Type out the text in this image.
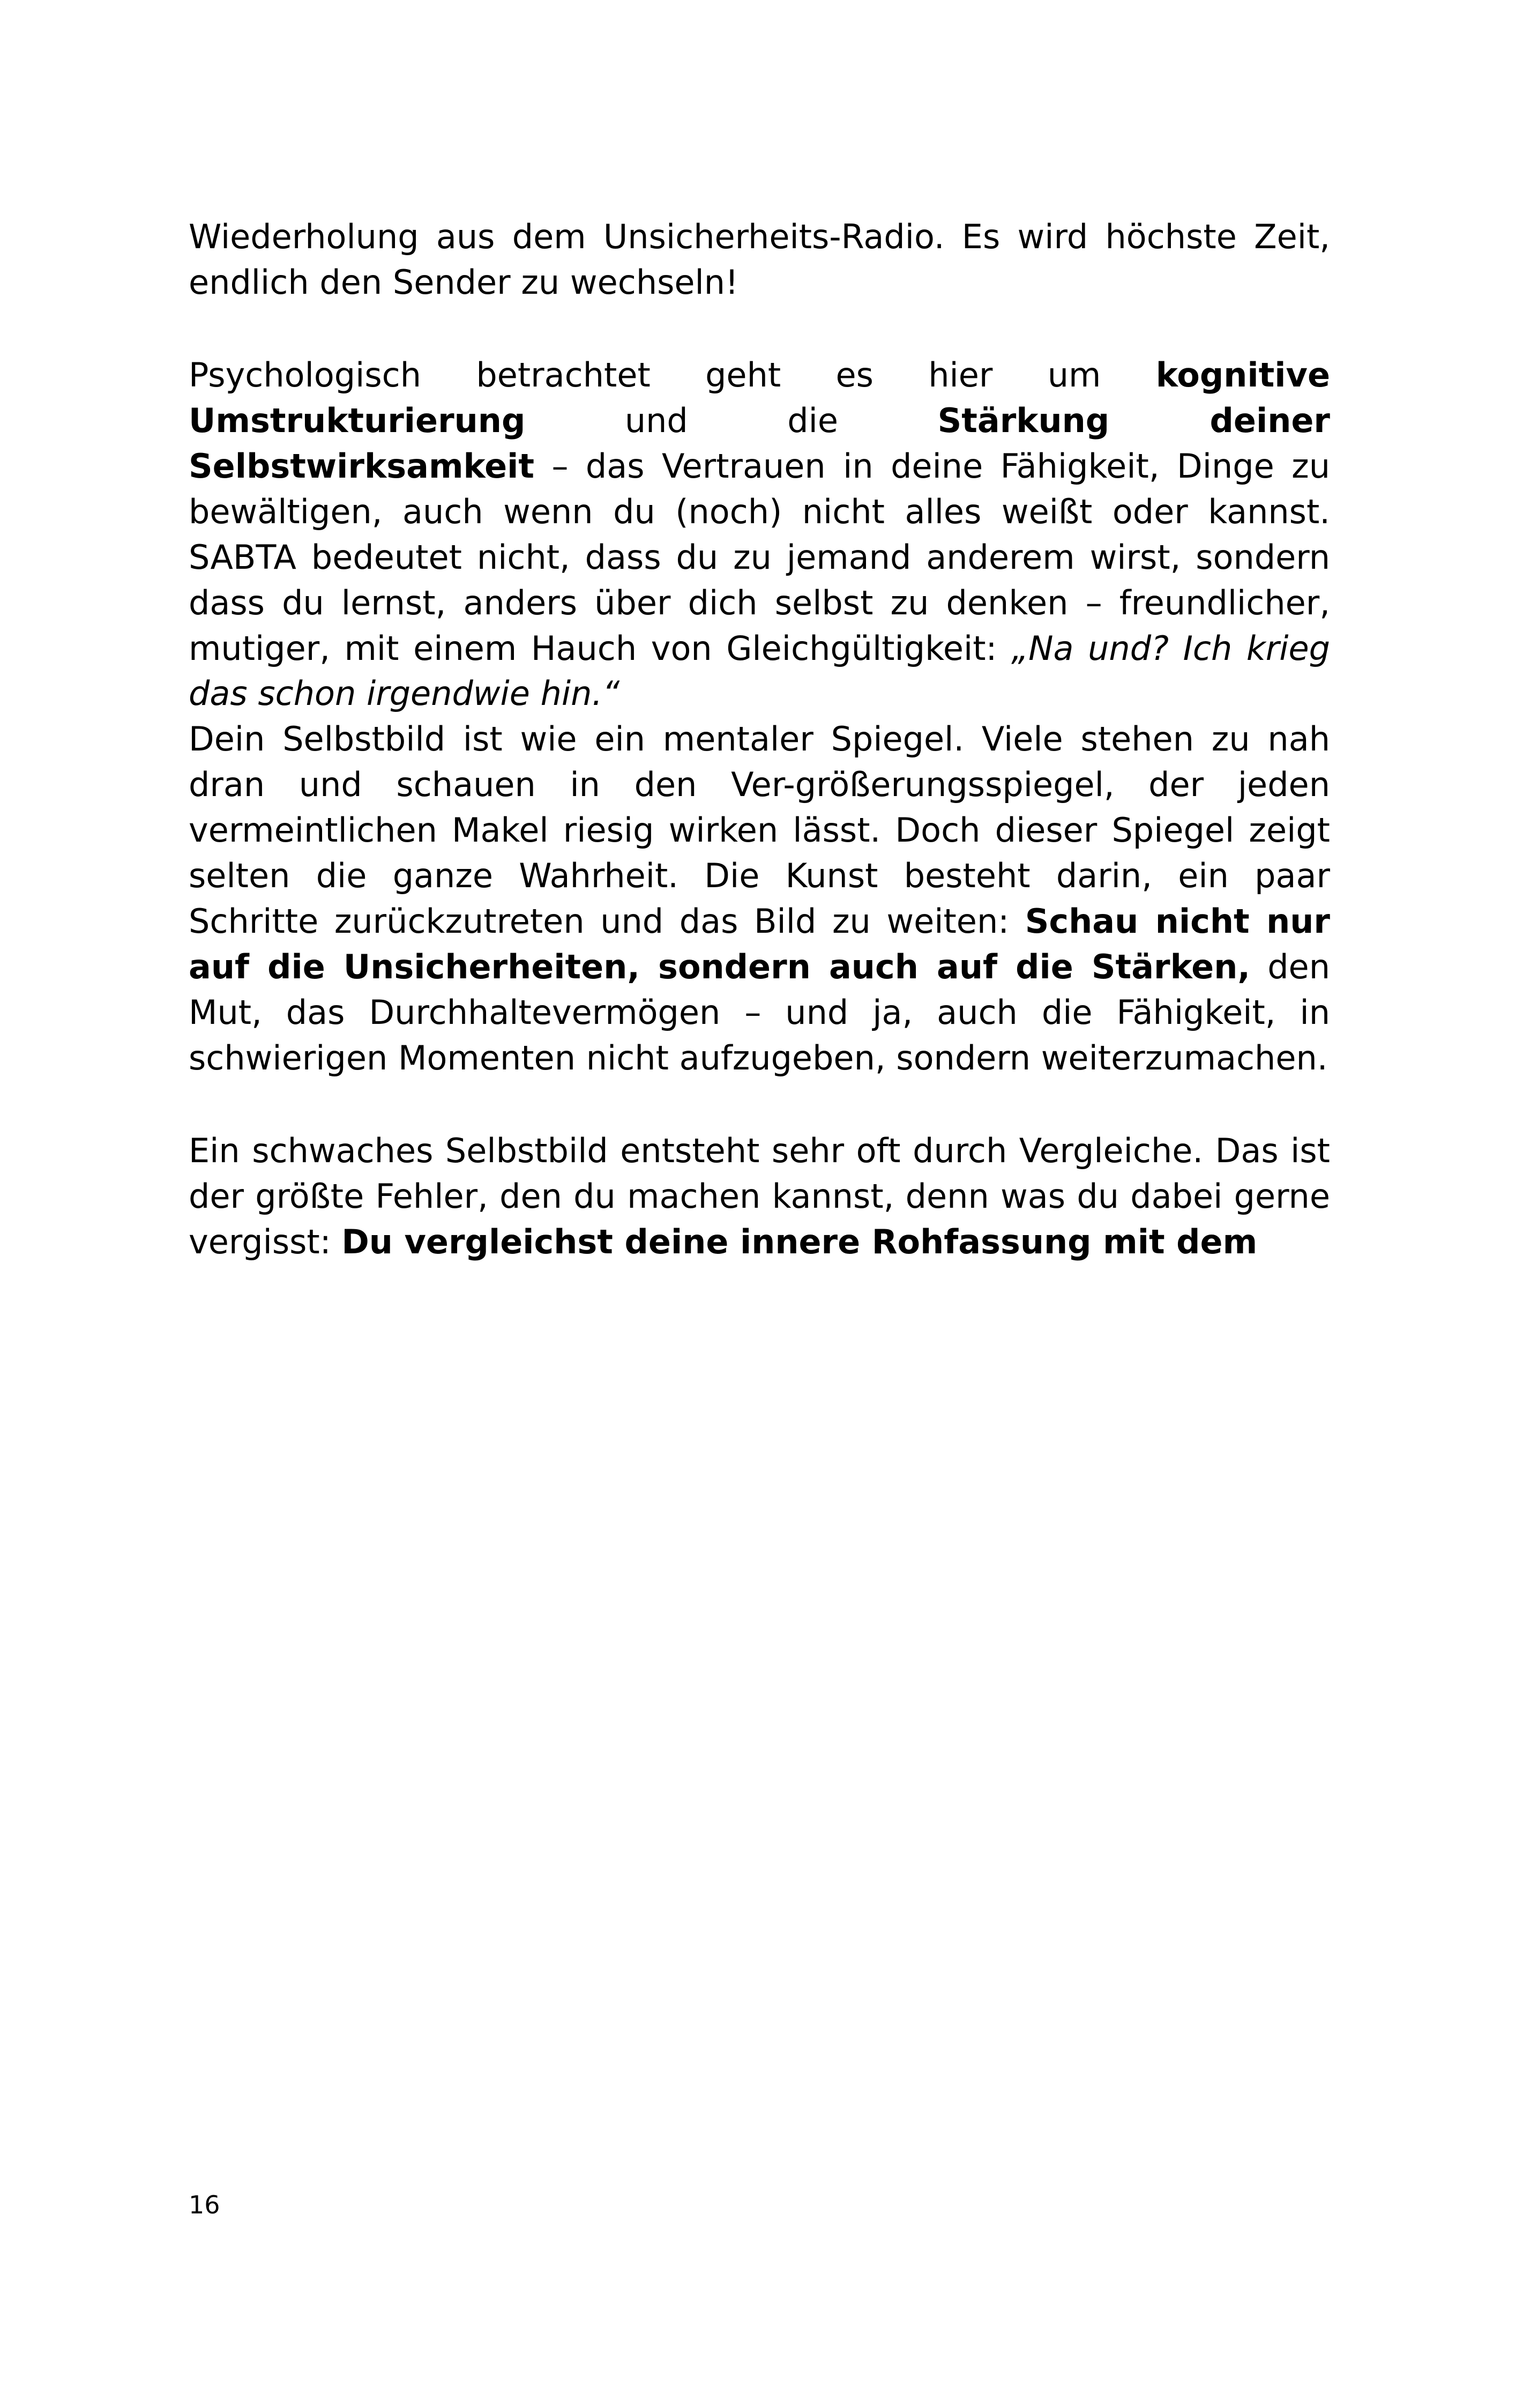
Wiederholung aus dem Unsicherheits-Radio. Es wird höchste Zeit, endlich den Sender zu wechseln!

Psychologisch betrachtet geht es hier um kognitive Umstrukturierung und die Stärkung deiner Selbstwirksamkeit – das Vertrauen in deine Fähigkeit, Dinge zu bewältigen, auch wenn du (noch) nicht alles weißt oder kannst. SABTA bedeutet nicht, dass du zu jemand anderem wirst, sondern dass du lernst, anders über dich selbst zu denken – freundlicher, mutiger, mit einem Hauch von Gleichgültigkeit: „Na und? Ich krieg das schon irgendwie hin.“

Dein Selbstbild ist wie ein mentaler Spiegel. Viele stehen zu nah dran und schauen in den Ver-größerungsspiegel, der jeden vermeintlichen Makel riesig wirken lässt. Doch dieser Spiegel zeigt selten die ganze Wahrheit. Die Kunst besteht darin, ein paar Schritte zurückzutreten und das Bild zu weiten: Schau nicht nur auf die Unsicherheiten, sondern auch auf die Stärken, den Mut, das Durchhaltevermögen – und ja, auch die Fähigkeit, in schwierigen Momenten nicht aufzugeben, sondern weiterzumachen.

Ein schwaches Selbstbild entsteht sehr oft durch Vergleiche. Das ist der größte Fehler, den du machen kannst, denn was du dabei gerne vergisst: Du vergleichst deine innere Rohfassung mit dem

16
